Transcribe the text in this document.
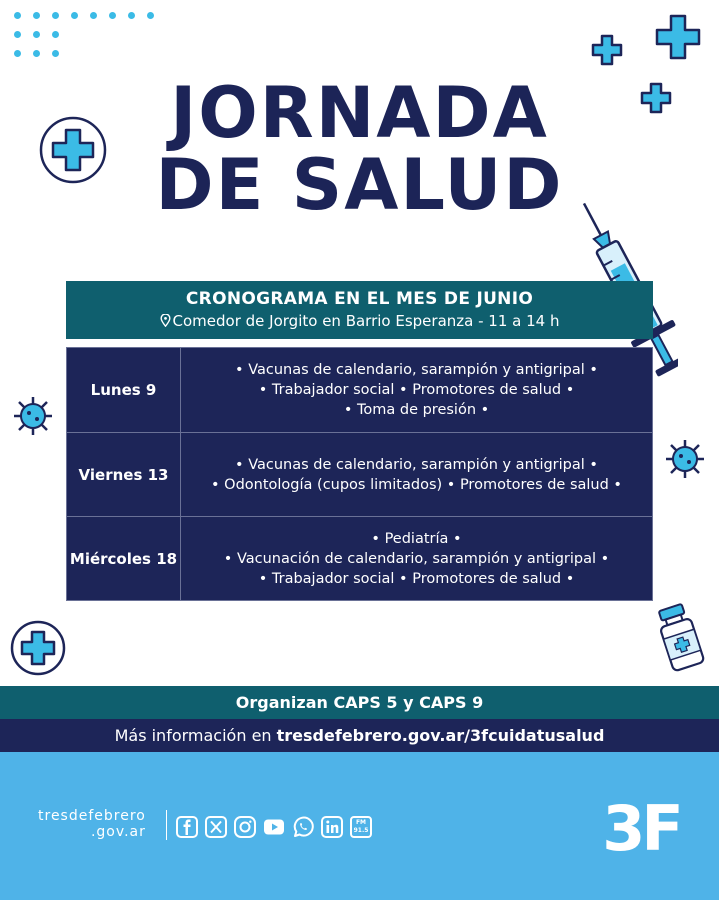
JORNADA
DE SALUD
CRONOGRAMA EN EL MES DE JUNIO
Comedor de Jorgito en Barrio Esperanza - 11 a 14 h
Lunes 9	• Vacunas de calendario, sarampión y antigripal •
• Trabajador social • Promotores de salud •
• Toma de presión •

Viernes 13	• Vacunas de calendario, sarampión y antigripal •
• Odontología (cupos limitados) • Promotores de salud •

Miércoles 18	• Pediatría •
• Vacunación de calendario, sarampión y antigripal •
• Trabajador social • Promotores de salud •
Organizan CAPS 5 y CAPS 9
Más información en tresdefebrero.gov.ar/3fcuidatusalud
tresdefebrero
.gov.ar
FM
91.5	3F
